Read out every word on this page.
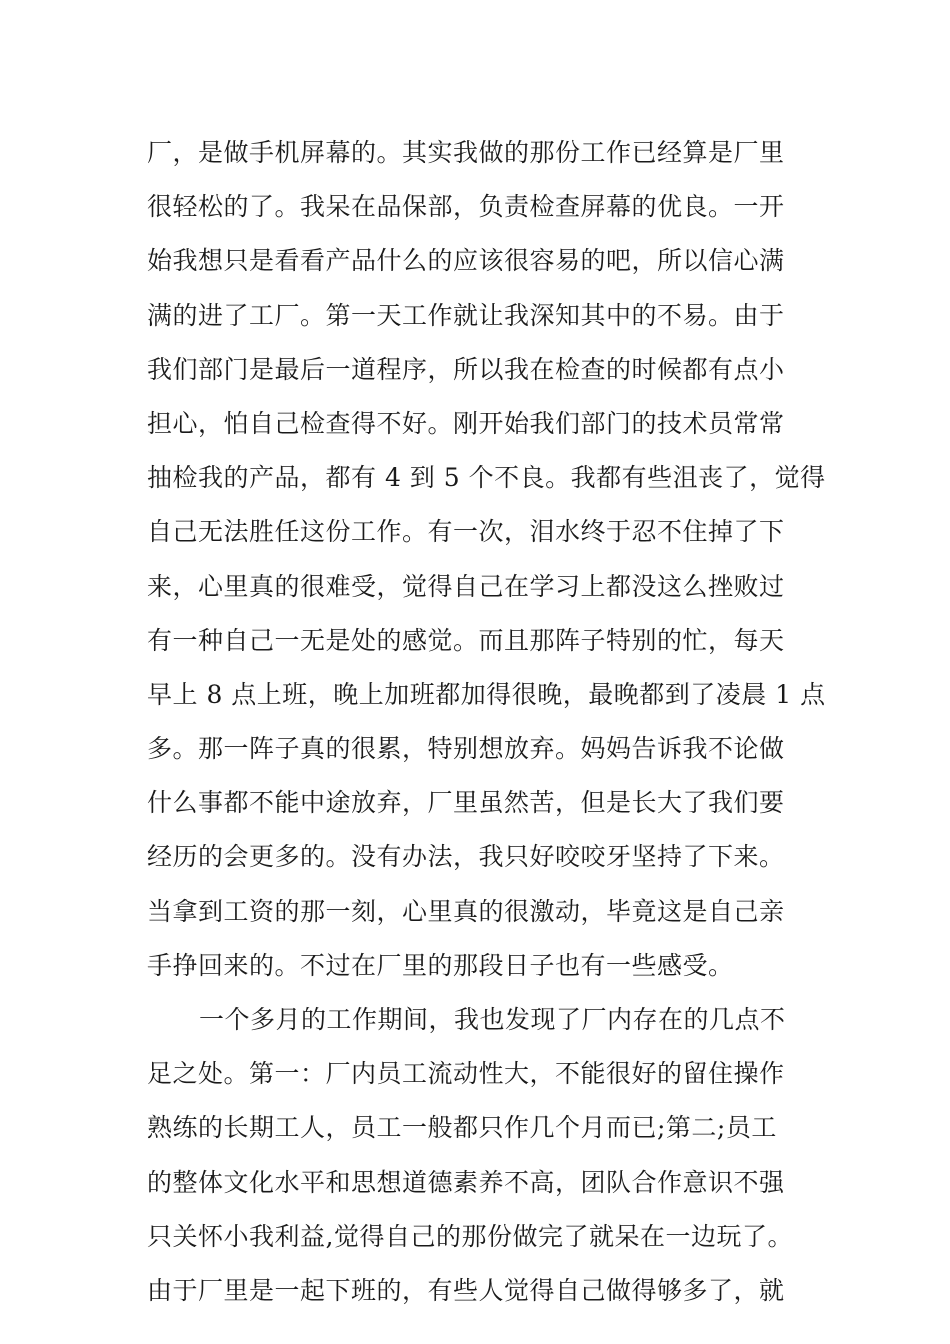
厂，是做手机屏幕的。其实我做的那份工作已经算是厂里
很轻松的了。我呆在品保部，负责检查屏幕的优良。一开
始我想只是看看产品什么的应该很容易的吧，所以信心满
满的进了工厂。第一天工作就让我深知其中的不易。由于
我们部门是最后一道程序，所以我在检查的时候都有点小
担心，怕自己检查得不好。刚开始我们部门的技术员常常
抽检我的产品，都有 4 到 5 个不良。我都有些沮丧了，觉得
自己无法胜任这份工作。有一次，泪水终于忍不住掉了下
来，心里真的很难受，觉得自己在学习上都没这么挫败过
有一种自己一无是处的感觉。而且那阵子特别的忙，每天
早上 8 点上班，晚上加班都加得很晚，最晚都到了凌晨 1 点
多。那一阵子真的很累，特别想放弃。妈妈告诉我不论做
什么事都不能中途放弃，厂里虽然苦，但是长大了我们要
经历的会更多的。没有办法，我只好咬咬牙坚持了下来。
当拿到工资的那一刻，心里真的很激动，毕竟这是自己亲
手挣回来的。不过在厂里的那段日子也有一些感受。
一个多月的工作期间，我也发现了厂内存在的几点不
足之处。第一：厂内员工流动性大，不能很好的留住操作
熟练的长期工人，员工一般都只作几个月而已;第二;员工
的整体文化水平和思想道德素养不高，团队合作意识不强
只关怀小我利益,觉得自己的那份做完了就呆在一边玩了。
由于厂里是一起下班的，有些人觉得自己做得够多了，就
